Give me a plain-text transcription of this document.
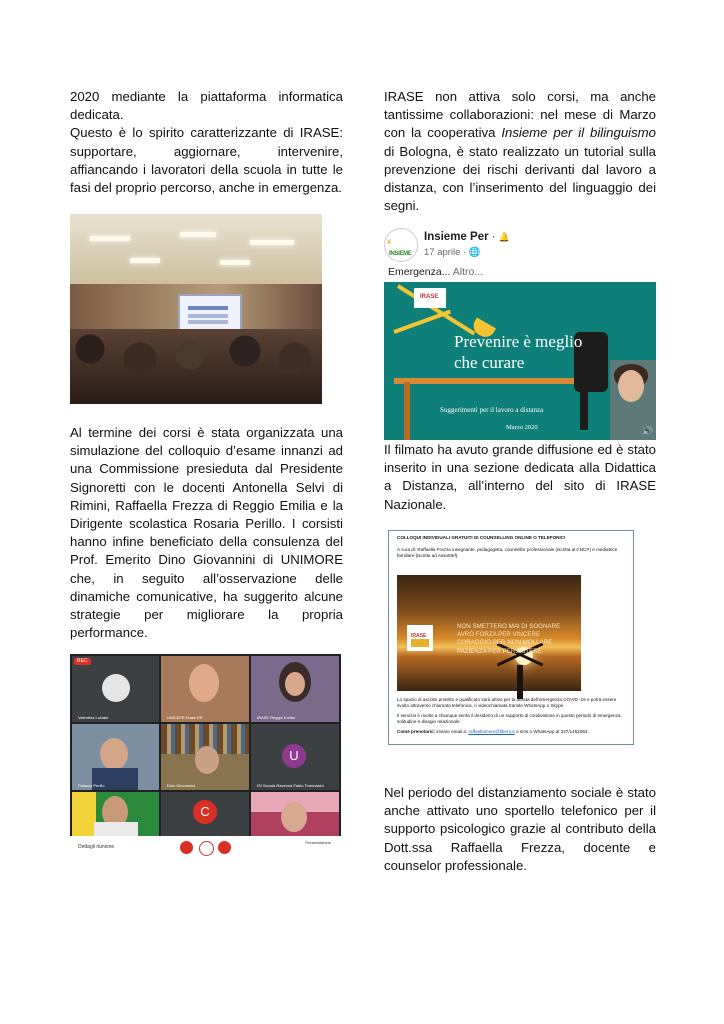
2020 mediante la piattaforma informatica dedicata.

Questo è lo spirito caratterizzante di IRASE: supportare, aggiornare, intervenire, affiancando i lavoratori della scuola in tutte le fasi del proprio percorso, anche in emergenza.

Al termine dei corsi è stata organizzata una simulazione del colloquio d’esame innanzi ad una Commissione presieduta dal Presidente Signoretti con le docenti Antonella Selvi di Rimini, Raffaella Frezza di Reggio Emilia e la Dirigente scolastica Rosaria Perillo. I corsisti hanno infine beneficiato della consulenza del Prof. Emerito Dino Giovannini di UNIMORE che, in seguito all’osservazione delle dinamiche comunicative, ha suggerito alcune strategie per migliorare la propria performance.

Valentina Luciani
REC
UNICEFE Frase ER	IRASE Reggio Emilia
Palazzo Perillo	Dino Giovannini
U
ISI Scuola Ravenna Fabio Tommasini
C
Dettagli riunione
Presentazione

IRASE non attiva solo corsi, ma anche tantissime collaborazioni: nel mese di Marzo con la cooperativa Insieme per il bilinguismo di Bologna, è stato realizzato un tutorial sulla prevenzione dei rischi derivanti dal lavoro a distanza, con l’inserimento del linguaggio dei segni.

INSIEME
X	Insieme Per · 🔔
17 aprile · 🌐
Emergenza... Altro...
IRASE
Prevenire è meglio
che curare
Suggerimenti per il lavoro a distanza
Marzo 2020	🔊

Il filmato ha avuto grande diffusione ed è stato inserito in una sezione dedicata alla Didattica a Distanza, all’interno del sito di IRASE Nazionale.

COLLOQUI INDIVIDUALI GRATUITI DI COUNSELLING ONLINE O TELEFONICI
A cura di: Raffaella Frezza insegnante, pedagogista, counsellor professionale (iscritta al CNCP) e mediatrice familiare (iscritta ad AssoMef).
IRASE
NON SMETTERO MAI DI SOGNARE
AVRÒ FORZA PER VINCERE
CORAGGIO PER NON MOLLARE
PAZIENZA PER PERSISTERE.
Lo spazio di ascolto protetto e qualificato sarà attivo per la durata dell’emergenza COVID -19 e potrà essere svolto attraverso chiamata telefonica, o videochiamata tramite WhatsApp o Skype.
Il servizio è rivolto a chiunque senta il desiderio di un supporto di condivisione in questo periodo di emergenza, solitudine e disagio relazionale.
Come prenotarsi: inviare email a: raffaellamore@libero.it o sms o WhatsApp al 347/1452064.

Nel periodo del distanziamento sociale è stato anche attivato uno sportello telefonico per il supporto psicologico grazie al contributo della Dott.ssa Raffaella Frezza, docente e counselor professionale.
